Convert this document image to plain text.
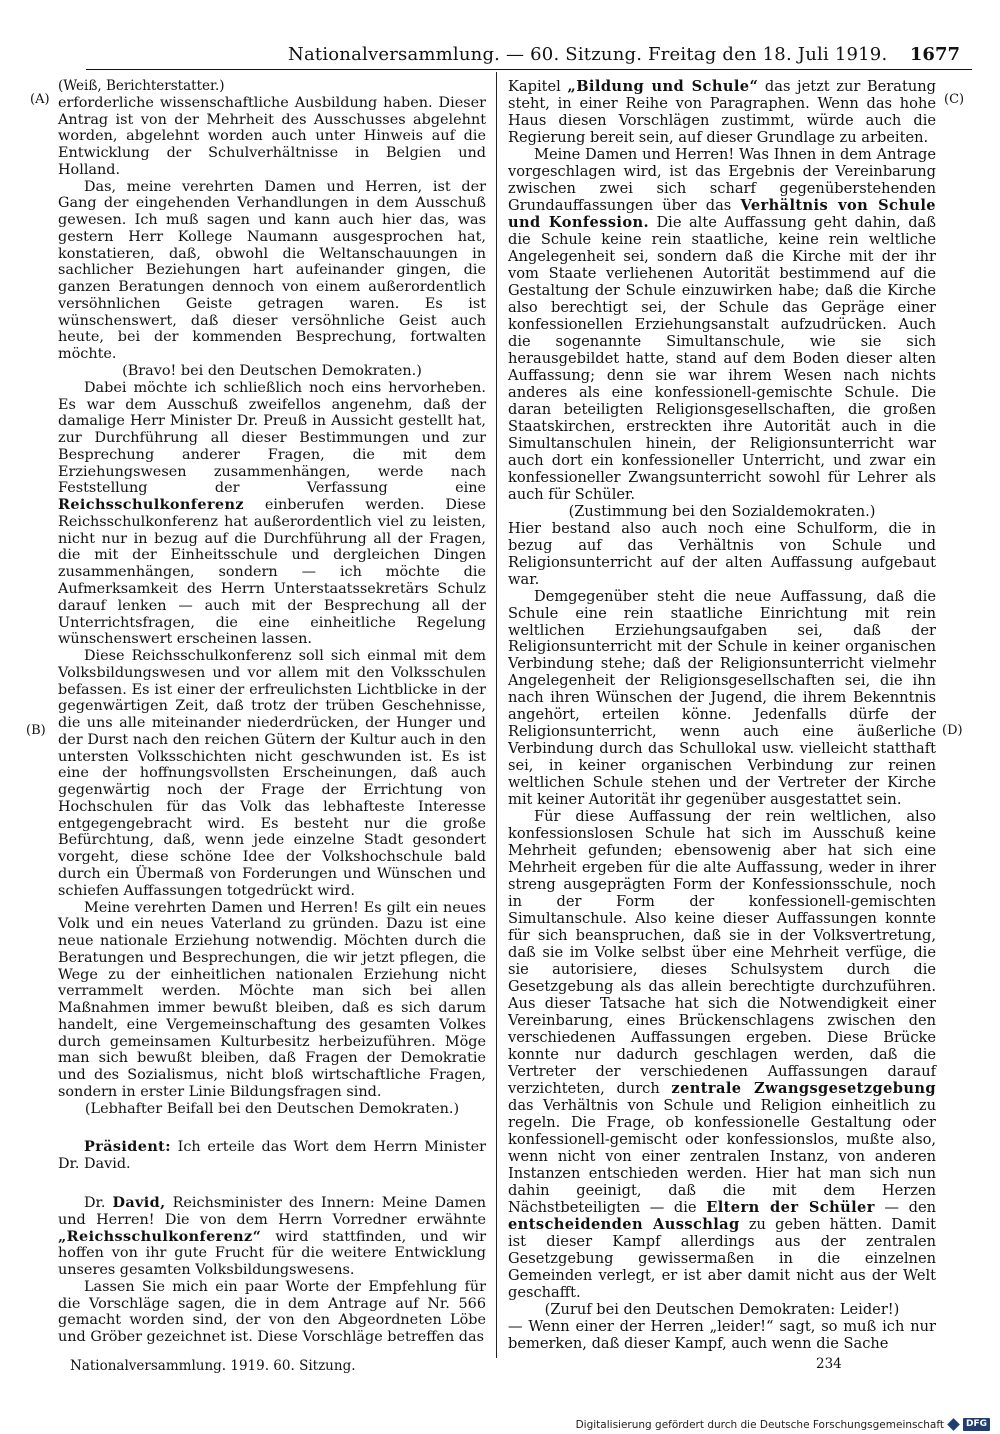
Nationalversammlung. — 60. Sitzung. Freitag den 18. Juli 1919. 1677
(A)
(B)
(C)
(D)

(Weiß, Berichterstatter.)

erforderliche wissenschaftliche Ausbildung haben. Dieser Antrag ist von der Mehrheit des Ausschusses abgelehnt worden, abgelehnt worden auch unter Hinweis auf die Entwicklung der Schulverhältnisse in Belgien und Holland.

Das, meine verehrten Damen und Herren, ist der Gang der eingehenden Verhandlungen in dem Ausschuß gewesen. Ich muß sagen und kann auch hier das, was gestern Herr Kollege Naumann ausgesprochen hat, konstatieren, daß, obwohl die Weltanschauungen in sachlicher Beziehungen hart aufeinander gingen, die ganzen Beratungen dennoch von einem außerordentlich versöhnlichen Geiste getragen waren. Es ist wünschenswert, daß dieser versöhnliche Geist auch heute, bei der kommenden Besprechung, fortwalten möchte.

(Bravo! bei den Deutschen Demokraten.)

Dabei möchte ich schließlich noch eins hervorheben. Es war dem Ausschuß zweifellos angenehm, daß der damalige Herr Minister Dr. Preuß in Aussicht gestellt hat, zur Durchführung all dieser Bestimmungen und zur Besprechung anderer Fragen, die mit dem Erziehungswesen zusammenhängen, werde nach Feststellung der Verfassung eine Reichsschulkonferenz einberufen werden. Diese Reichsschulkonferenz hat außerordentlich viel zu leisten, nicht nur in bezug auf die Durchführung all der Fragen, die mit der Einheitsschule und dergleichen Dingen zusammenhängen, sondern — ich möchte die Aufmerksamkeit des Herrn Unterstaatssekretärs Schulz darauf lenken — auch mit der Besprechung all der Unterrichtsfragen, die eine einheitliche Regelung wünschenswert erscheinen lassen.

Diese Reichsschulkonferenz soll sich einmal mit dem Volksbildungswesen und vor allem mit den Volksschulen befassen. Es ist einer der erfreulichsten Lichtblicke in der gegenwärtigen Zeit, daß trotz der trüben Geschehnisse, die uns alle miteinander niederdrücken, der Hunger und der Durst nach den reichen Gütern der Kultur auch in den untersten Volksschichten nicht geschwunden ist. Es ist eine der hoffnungsvollsten Erscheinungen, daß auch gegenwärtig noch der Frage der Errichtung von Hochschulen für das Volk das lebhafteste Interesse entgegengebracht wird. Es besteht nur die große Befürchtung, daß, wenn jede einzelne Stadt gesondert vorgeht, diese schöne Idee der Volkshochschule bald durch ein Übermaß von Forderungen und Wünschen und schiefen Auffassungen totgedrückt wird.

Meine verehrten Damen und Herren! Es gilt ein neues Volk und ein neues Vaterland zu gründen. Dazu ist eine neue nationale Erziehung notwendig. Möchten durch die Beratungen und Besprechungen, die wir jetzt pflegen, die Wege zu der einheitlichen nationalen Erziehung nicht verrammelt werden. Möchte man sich bei allen Maßnahmen immer bewußt bleiben, daß es sich darum handelt, eine Vergemeinschaftung des gesamten Volkes durch gemeinsamen Kulturbesitz herbeizuführen. Möge man sich bewußt bleiben, daß Fragen der Demokratie und des Sozialismus, nicht bloß wirtschaftliche Fragen, sondern in erster Linie Bildungsfragen sind.

(Lebhafter Beifall bei den Deutschen Demokraten.)

Präsident: Ich erteile das Wort dem Herrn Minister Dr. David.

Dr. David, Reichsminister des Innern: Meine Damen und Herren! Die von dem Herrn Vorredner erwähnte „Reichsschulkonferenz“ wird stattfinden, und wir hoffen von ihr gute Frucht für die weitere Entwicklung unseres gesamten Volksbildungswesens.

Lassen Sie mich ein paar Worte der Empfehlung für die Vorschläge sagen, die in dem Antrage auf Nr. 566 gemacht worden sind, der von den Abgeordneten Löbe und Gröber gezeichnet ist. Diese Vorschläge betreffen das

Kapitel „Bildung und Schule“ das jetzt zur Beratung steht, in einer Reihe von Paragraphen. Wenn das hohe Haus diesen Vorschlägen zustimmt, würde auch die Regierung bereit sein, auf dieser Grundlage zu arbeiten.

Meine Damen und Herren! Was Ihnen in dem Antrage vorgeschlagen wird, ist das Ergebnis der Vereinbarung zwischen zwei sich scharf gegenüberstehenden Grundauffassungen über das Verhältnis von Schule und Konfession. Die alte Auffassung geht dahin, daß die Schule keine rein staatliche, keine rein weltliche Angelegenheit sei, sondern daß die Kirche mit der ihr vom Staate verliehenen Autorität bestimmend auf die Gestaltung der Schule einzuwirken habe; daß die Kirche also berechtigt sei, der Schule das Gepräge einer konfessionellen Erziehungsanstalt aufzudrücken. Auch die sogenannte Simultanschule, wie sie sich herausgebildet hatte, stand auf dem Boden dieser alten Auffassung; denn sie war ihrem Wesen nach nichts anderes als eine konfessionell-gemischte Schule. Die daran beteiligten Religionsgesellschaften, die großen Staatskirchen, erstreckten ihre Autorität auch in die Simultanschulen hinein, der Religionsunterricht war auch dort ein konfessioneller Unterricht, und zwar ein konfessioneller Zwangsunterricht sowohl für Lehrer als auch für Schüler.

(Zustimmung bei den Sozialdemokraten.)

Hier bestand also auch noch eine Schulform, die in bezug auf das Verhältnis von Schule und Religionsunterricht auf der alten Auffassung aufgebaut war.

Demgegenüber steht die neue Auffassung, daß die Schule eine rein staatliche Einrichtung mit rein weltlichen Erziehungsaufgaben sei, daß der Religionsunterricht mit der Schule in keiner organischen Verbindung stehe; daß der Religionsunterricht vielmehr Angelegenheit der Religionsgesellschaften sei, die ihn nach ihren Wünschen der Jugend, die ihrem Bekenntnis angehört, erteilen könne. Jedenfalls dürfe der Religionsunterricht, wenn auch eine äußerliche Verbindung durch das Schullokal usw. vielleicht statthaft sei, in keiner organischen Verbindung zur reinen weltlichen Schule stehen und der Vertreter der Kirche mit keiner Autorität ihr gegenüber ausgestattet sein.

Für diese Auffassung der rein weltlichen, also konfessionslosen Schule hat sich im Ausschuß keine Mehrheit gefunden; ebensowenig aber hat sich eine Mehrheit ergeben für die alte Auffassung, weder in ihrer streng ausgeprägten Form der Konfessionsschule, noch in der Form der konfessionell-gemischten Simultanschule. Also keine dieser Auffassungen konnte für sich beanspruchen, daß sie in der Volksvertretung, daß sie im Volke selbst über eine Mehrheit verfüge, die sie autorisiere, dieses Schulsystem durch die Gesetzgebung als das allein berechtigte durchzuführen. Aus dieser Tatsache hat sich die Notwendigkeit einer Vereinbarung, eines Brückenschlagens zwischen den verschiedenen Auffassungen ergeben. Diese Brücke konnte nur dadurch geschlagen werden, daß die Vertreter der verschiedenen Auffassungen darauf verzichteten, durch zentrale Zwangsgesetzgebung das Verhältnis von Schule und Religion einheitlich zu regeln. Die Frage, ob konfessionelle Gestaltung oder konfessionell-gemischt oder konfessionslos, mußte also, wenn nicht von einer zentralen Instanz, von anderen Instanzen entschieden werden. Hier hat man sich nun dahin geeinigt, daß die mit dem Herzen Nächstbeteiligten — die Eltern der Schüler — den entscheidenden Ausschlag zu geben hätten. Damit ist dieser Kampf allerdings aus der zentralen Gesetzgebung gewissermaßen in die einzelnen Gemeinden verlegt, er ist aber damit nicht aus der Welt geschafft.

(Zuruf bei den Deutschen Demokraten: Leider!)

— Wenn einer der Herren „leider!“ sagt, so muß ich nur bemerken, daß dieser Kampf, auch wenn die Sache

Nationalversammlung. 1919. 60. Sitzung.	234
Digitalisierung gefördert durch die Deutsche Forschungsgemeinschaft	DFG
